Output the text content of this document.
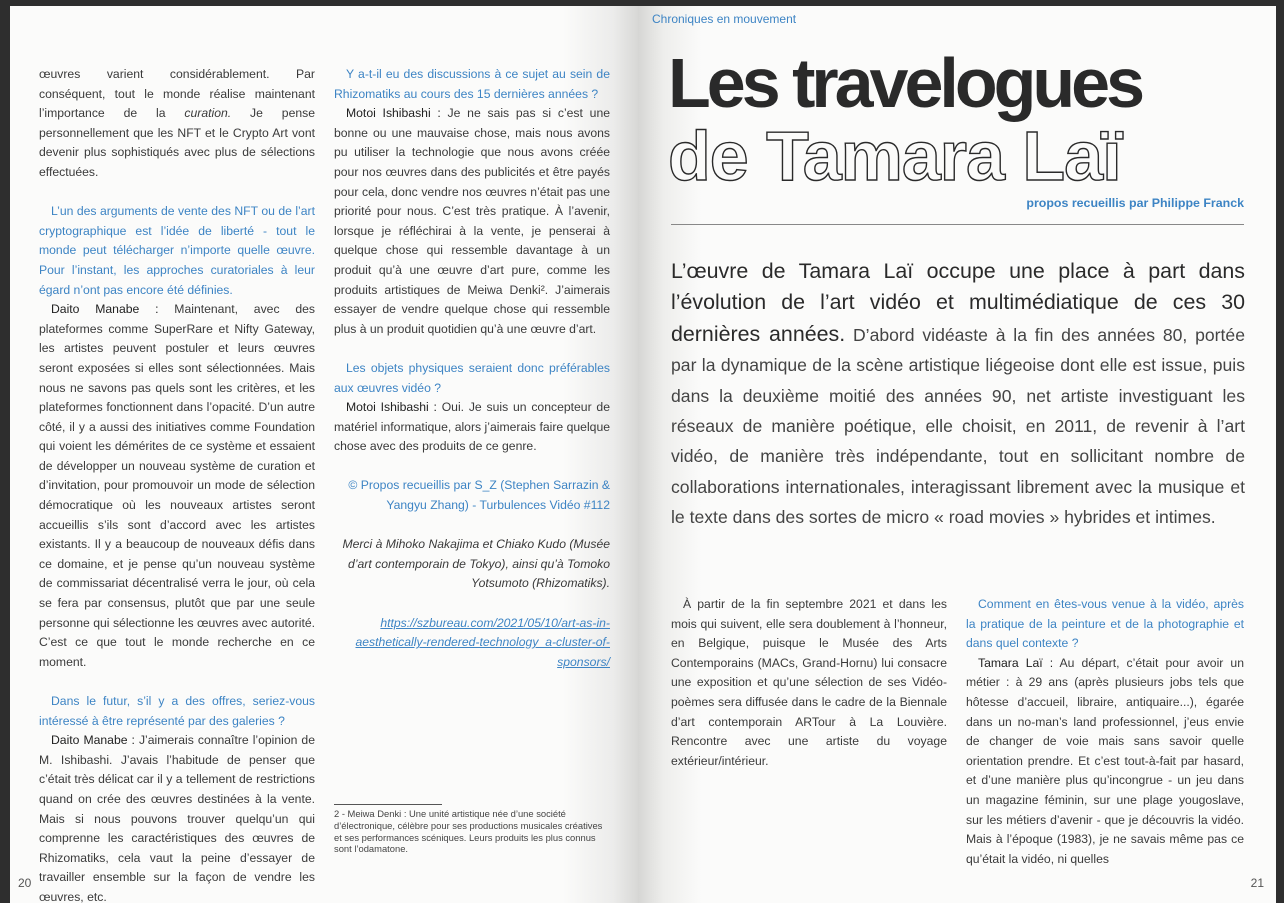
œuvres varient considérablement. Par conséquent, tout le monde réalise maintenant l’importance de la curation. Je pense personnellement que les NFT et le Crypto Art vont devenir plus sophistiqués avec plus de sélections effectuées.

L’un des arguments de vente des NFT ou de l’art cryptographique est l’idée de liberté - tout le monde peut télécharger n’importe quelle œuvre. Pour l’instant, les approches curatoriales à leur égard n’ont pas encore été définies.

Daito Manabe : Maintenant, avec des plateformes comme SuperRare et Nifty Gateway, les artistes peuvent postuler et leurs œuvres seront exposées si elles sont sélectionnées. Mais nous ne savons pas quels sont les critères, et les plateformes fonctionnent dans l’opacité. D’un autre côté, il y a aussi des initiatives comme Foundation qui voient les démérites de ce système et essaient de développer un nouveau système de curation et d’invitation, pour promouvoir un mode de sélection démocratique où les nouveaux artistes seront accueillis s’ils sont d’accord avec les artistes existants. Il y a beaucoup de nouveaux défis dans ce domaine, et je pense qu’un nouveau système de commissariat décentralisé verra le jour, où cela se fera par consensus, plutôt que par une seule personne qui sélectionne les œuvres avec autorité. C’est ce que tout le monde recherche en ce moment.

Dans le futur, s’il y a des offres, seriez-vous intéressé à être représenté par des galeries ?

Daito Manabe : J’aimerais connaître l’opinion de M. Ishibashi. J’avais l’habitude de penser que c’était très délicat car il y a tellement de restrictions quand on crée des œuvres destinées à la vente. Mais si nous pouvons trouver quelqu’un qui comprenne les caractéristiques des œuvres de Rhizomatiks, cela vaut la peine d’essayer de travailler ensemble sur la façon de vendre les œuvres, etc.

Y a-t-il eu des discussions à ce sujet au sein de Rhizomatiks au cours des 15 dernières années ?

Motoi Ishibashi : Je ne sais pas si c’est une bonne ou une mauvaise chose, mais nous avons pu utiliser la technologie que nous avons créée pour nos œuvres dans des publicités et être payés pour cela, donc vendre nos œuvres n’était pas une priorité pour nous. C’est très pratique. À l’avenir, lorsque je réfléchirai à la vente, je penserai à quelque chose qui ressemble davantage à un produit qu’à une œuvre d’art pure, comme les produits artistiques de Meiwa Denki². J’aimerais essayer de vendre quelque chose qui ressemble plus à un produit quotidien qu’à une œuvre d’art.

Les objets physiques seraient donc préférables aux œuvres vidéo ?

Motoi Ishibashi : Oui. Je suis un concepteur de matériel informatique, alors j’aimerais faire quelque chose avec des produits de ce genre.

© Propos recueillis par S_Z (Stephen Sarrazin & Yangyu Zhang) - Turbulences Vidéo #112

Merci à Mihoko Nakajima et Chiako Kudo (Musée d’art contemporain de Tokyo), ainsi qu’à Tomoko Yotsumoto (Rhizomatiks).

https://szbureau.com/2021/05/10/art-as-in-aesthetically-rendered-technology_a-cluster-of-sponsors/

2 - Meiwa Denki : Une unité artistique née d’une société d’électronique, célèbre pour ses productions musicales créatives et ses performances scéniques. Leurs produits les plus connus sont l’odamatone.
20
Chroniques en mouvement
Les travelogues
de Tamara Laï
propos recueillis par Philippe Franck
L’œuvre de Tamara Laï occupe une place à part dans l’évolution de l’art vidéo et multimédiatique de ces 30 dernières années. D’abord vidéaste à la fin des années 80, portée par la dynamique de la scène artistique liégeoise dont elle est issue, puis dans la deuxième moitié des années 90, net artiste investiguant les réseaux de manière poétique, elle choisit, en 2011, de revenir à l’art vidéo, de manière très indépendante, tout en sollicitant nombre de collaborations internationales, interagissant librement avec la musique et le texte dans des sortes de micro « road movies » hybrides et intimes.

À partir de la fin septembre 2021 et dans les mois qui suivent, elle sera doublement à l’honneur, en Belgique, puisque le Musée des Arts Contemporains (MACs, Grand-Hornu) lui consacre une exposition et qu’une sélection de ses Vidéo-poèmes sera diffusée dans le cadre de la Biennale d’art contemporain ARTour à La Louvière. Rencontre avec une artiste du voyage extérieur/intérieur.

Comment en êtes-vous venue à la vidéo, après la pratique de la peinture et de la photographie et dans quel contexte ?

Tamara Laï : Au départ, c’était pour avoir un métier : à 29 ans (après plusieurs jobs tels que hôtesse d’accueil, libraire, antiquaire...), égarée dans un no-man’s land professionnel, j’eus envie de changer de voie mais sans savoir quelle orientation prendre. Et c’est tout-à-fait par hasard, et d’une manière plus qu’incongrue - un jeu dans un magazine féminin, sur une plage yougoslave, sur les métiers d’avenir - que je découvris la vidéo. Mais à l’époque (1983), je ne savais même pas ce qu’était la vidéo, ni quelles

21
